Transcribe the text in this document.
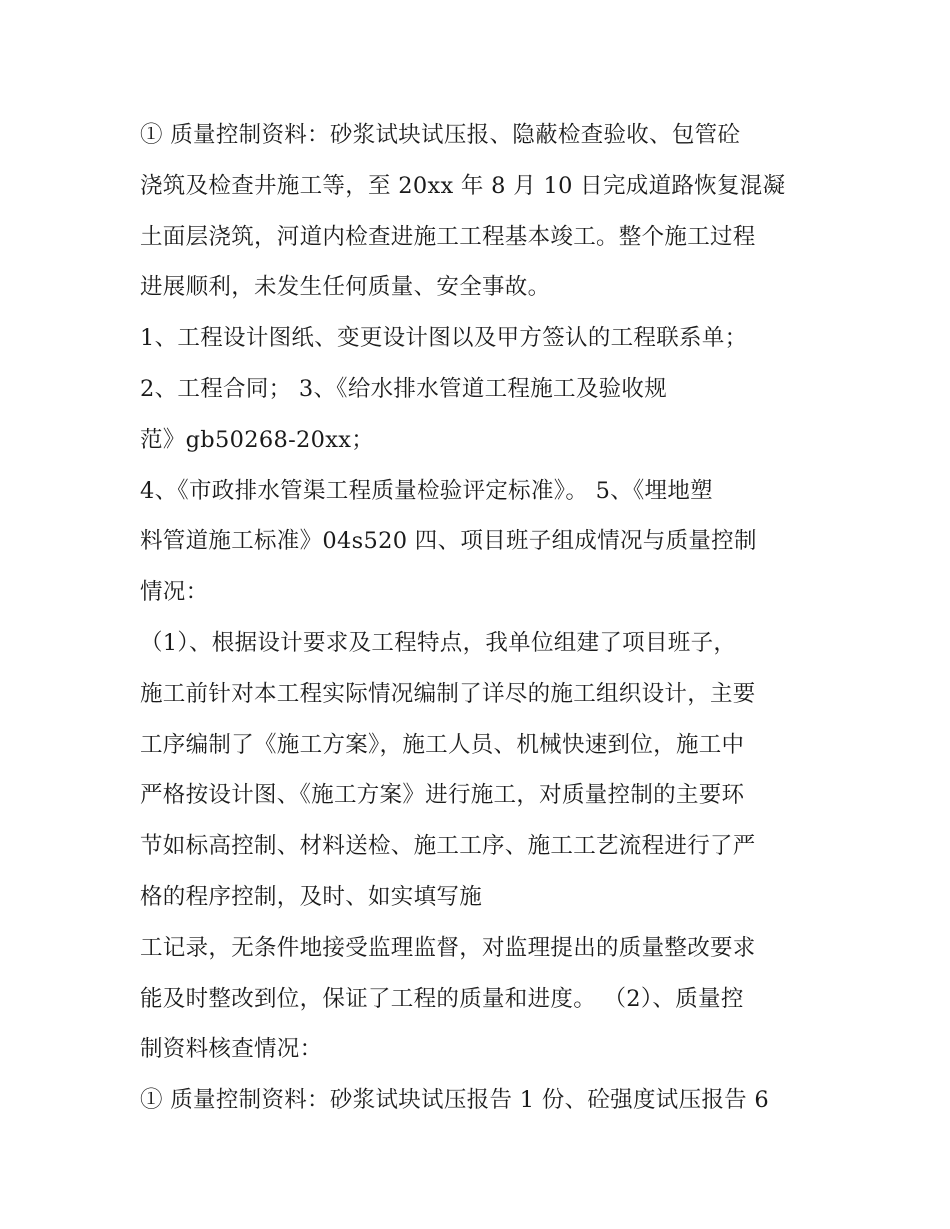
① 质量控制资料：砂浆试块试压报、隐蔽检查验收、包管砼
浇筑及检查井施工等，至 20xx 年 8 月 10 日完成道路恢复混凝
土面层浇筑，河道内检查进施工工程基本竣工。整个施工过程
进展顺利，未发生任何质量、安全事故。
1、工程设计图纸、变更设计图以及甲方签认的工程联系单；
2、工程合同； 3、《给水排水管道工程施工及验收规
范》gb50268-20xx；
4、《市政排水管渠工程质量检验评定标准》。 5、《埋地塑
料管道施工标准》04s520 四、项目班子组成情况与质量控制
情况：
（1）、根据设计要求及工程特点，我单位组建了项目班子，
施工前针对本工程实际情况编制了详尽的施工组织设计，主要
工序编制了《施工方案》，施工人员、机械快速到位，施工中
严格按设计图、《施工方案》进行施工，对质量控制的主要环
节如标高控制、材料送检、施工工序、施工工艺流程进行了严
格的程序控制，及时、如实填写施
工记录，无条件地接受监理监督，对监理提出的质量整改要求
能及时整改到位，保证了工程的质量和进度。 （2）、质量控
制资料核查情况：
① 质量控制资料：砂浆试块试压报告 1 份、砼强度试压报告 6
